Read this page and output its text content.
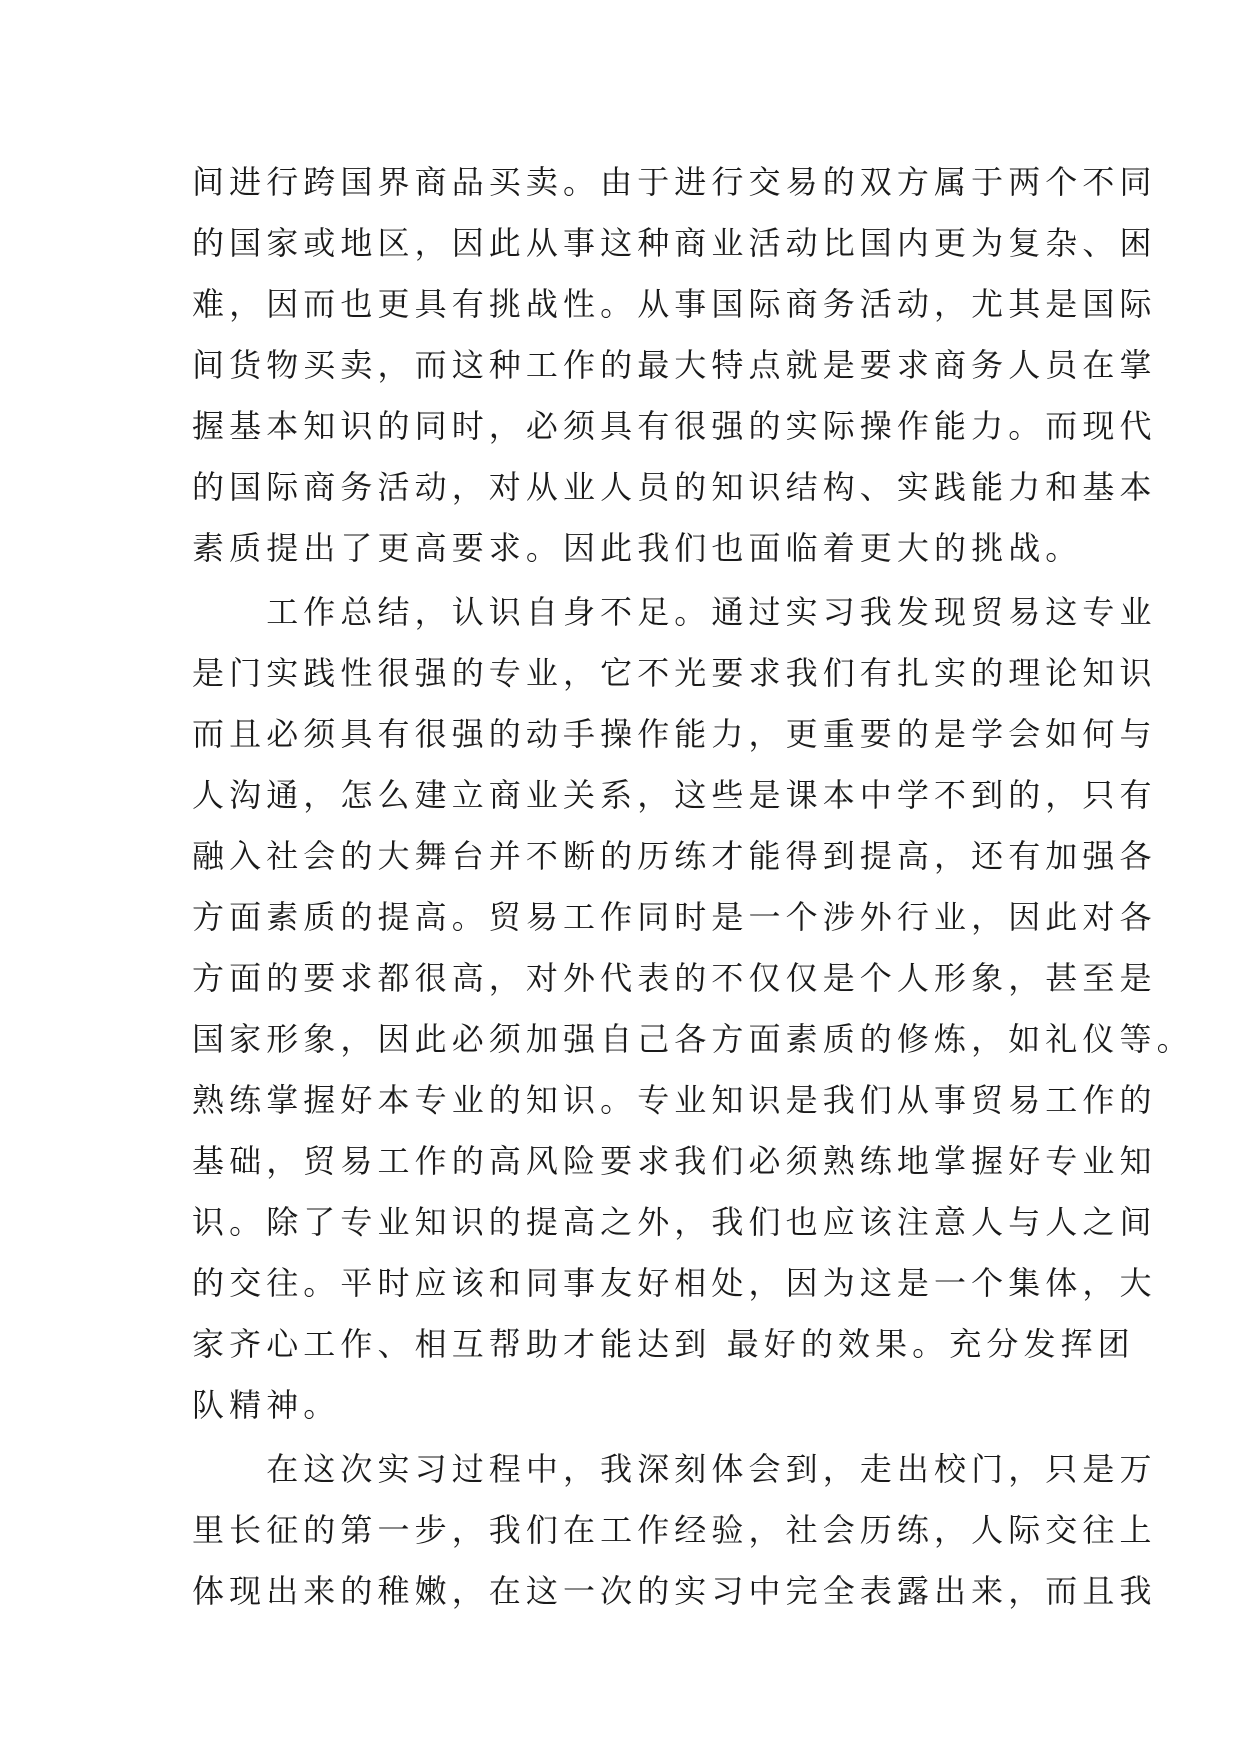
间进行跨国界商品买卖。由于进行交易的双方属于两个不同
的国家或地区，因此从事这种商业活动比国内更为复杂、困
难，因而也更具有挑战性。从事国际商务活动，尤其是国际
间货物买卖，而这种工作的最大特点就是要求商务人员在掌
握基本知识的同时，必须具有很强的实际操作能力。而现代
的国际商务活动，对从业人员的知识结构、实践能力和基本
素质提出了更高要求。因此我们也面临着更大的挑战。
　　工作总结，认识自身不足。通过实习我发现贸易这专业
是门实践性很强的专业，它不光要求我们有扎实的理论知识
而且必须具有很强的动手操作能力，更重要的是学会如何与
人沟通，怎么建立商业关系，这些是课本中学不到的，只有
融入社会的大舞台并不断的历练才能得到提高，还有加强各
方面素质的提高。贸易工作同时是一个涉外行业，因此对各
方面的要求都很高，对外代表的不仅仅是个人形象，甚至是
国家形象，因此必须加强自己各方面素质的修炼，如礼仪等。
熟练掌握好本专业的知识。专业知识是我们从事贸易工作的
基础，贸易工作的高风险要求我们必须熟练地掌握好专业知
识。除了专业知识的提高之外，我们也应该注意人与人之间
的交往。平时应该和同事友好相处，因为这是一个集体，大
家齐心工作、相互帮助才能达到 最好的效果。充分发挥团
队精神。
　　在这次实习过程中，我深刻体会到，走出校门，只是万
里长征的第一步，我们在工作经验，社会历练，人际交往上
体现出来的稚嫩，在这一次的实习中完全表露出来，而且我
